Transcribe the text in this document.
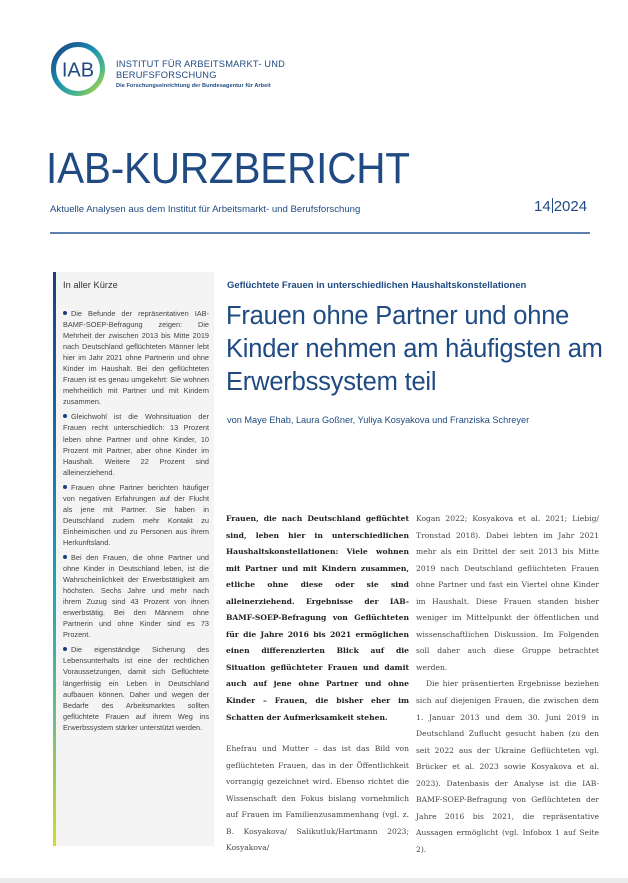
IAB INSTITUT FÜR ARBEITSMARKT- UND
BERUFSFORSCHUNG
Die Forschungseinrichtung der Bundesagentur für Arbeit
IAB-KURZBERICHT
Aktuelle Analysen aus dem Institut für Arbeitsmarkt- und Berufsforschung	14 2024
In aller Kürze
Die Befunde der repräsentativen IAB-BAMF-SOEP-Befragung zeigen: Die Mehrheit der zwischen 2013 bis Mitte 2019 nach Deutschland geflüchteten Männer lebt hier im Jahr 2021 ohne Partnerin und ohne Kinder im Haushalt. Bei den geflüchteten Frauen ist es genau umgekehrt: Sie wohnen mehrheitlich mit Partner und mit Kindern zusammen.
Gleichwohl ist die Wohnsituation der Frauen recht unterschiedlich: 13 Prozent leben ohne Partner und ohne Kinder, 10 Prozent mit Partner, aber ohne Kinder im Haushalt. Weitere 22 Prozent sind alleinerziehend.
Frauen ohne Partner berichten häufiger von negativen Erfahrungen auf der Flucht als jene mit Partner. Sie haben in Deutschland zudem mehr Kontakt zu Einheimischen und zu Personen aus ihrem Herkunftsland.
Bei den Frauen, die ohne Partner und ohne Kinder in Deutschland leben, ist die Wahrscheinlichkeit der Erwerbstätigkeit am höchsten. Sechs Jahre und mehr nach ihrem Zuzug sind 43 Prozent von ihnen erwerbstätig. Bei den Männern ohne Partnerin und ohne Kinder sind es 73 Prozent.
Die eigenständige Sicherung des Lebensunterhalts ist eine der rechtlichen Voraussetzungen, damit sich Geflüchtete längerfristig ein Leben in Deutschland aufbauen können. Daher und wegen der Bedarfe des Arbeitsmarktes sollten geflüchtete Frauen auf ihrem Weg ins Erwerbssystem stärker unterstützt werden.
Geflüchtete Frauen in unterschiedlichen Haushaltskonstellationen
Frauen ohne Partner und ohne Kinder nehmen am häufigsten am Erwerbssystem teil
von Maye Ehab, Laura Goßner, Yuliya Kosyakova und Franziska Schreyer
Frauen, die nach Deutschland geflüchtet sind, leben hier in unterschiedlichen Haushaltskonstellationen: Viele wohnen mit Partner und mit Kindern zusammen, etliche ohne diese oder sie sind alleinerziehend. Ergebnisse der IAB-BAMF-SOEP-Befragung von Geflüchteten für die Jahre 2016 bis 2021 ermöglichen einen differenzierten Blick auf die Situation geflüchteter Frauen und damit auch auf jene ohne Partner und ohne Kinder – Frauen, die bisher eher im Schatten der Aufmerksamkeit stehen.
Ehefrau und Mutter – das ist das Bild von geflüchteten Frauen, das in der Öffentlichkeit vorrangig gezeichnet wird. Ebenso richtet die Wissenschaft den Fokus bislang vornehmlich auf Frauen im Familienzusammenhang (vgl. z. B. Kosyakova/ Salikutluk/Hartmann 2023; Kosyakova/
Kogan 2022; Kosyakova et al. 2021; Liebig/ Tronstad 2018). Dabei lebten im Jahr 2021 mehr als ein Drittel der seit 2013 bis Mitte 2019 nach Deutschland geflüchteten Frauen ohne Partner und fast ein Viertel ohne Kinder im Haushalt. Diese Frauen standen bisher weniger im Mittelpunkt der öffentlichen und wissenschaftlichen Diskussion. Im Folgenden soll daher auch diese Gruppe betrachtet werden.
Die hier präsentierten Ergebnisse beziehen sich auf diejenigen Frauen, die zwischen dem 1. Januar 2013 und dem 30. Juni 2019 in Deutschland Zuflucht gesucht haben (zu den seit 2022 aus der Ukraine Geflüchteten vgl. Brücker et al. 2023 sowie Kosyakova et al. 2023). Datenbasis der Analyse ist die IAB-BAMF-SOEP-Befragung von Geflüchteten der Jahre 2016 bis 2021, die repräsentative Aussagen ermöglicht (vgl. Infobox 1 auf Seite 2).
